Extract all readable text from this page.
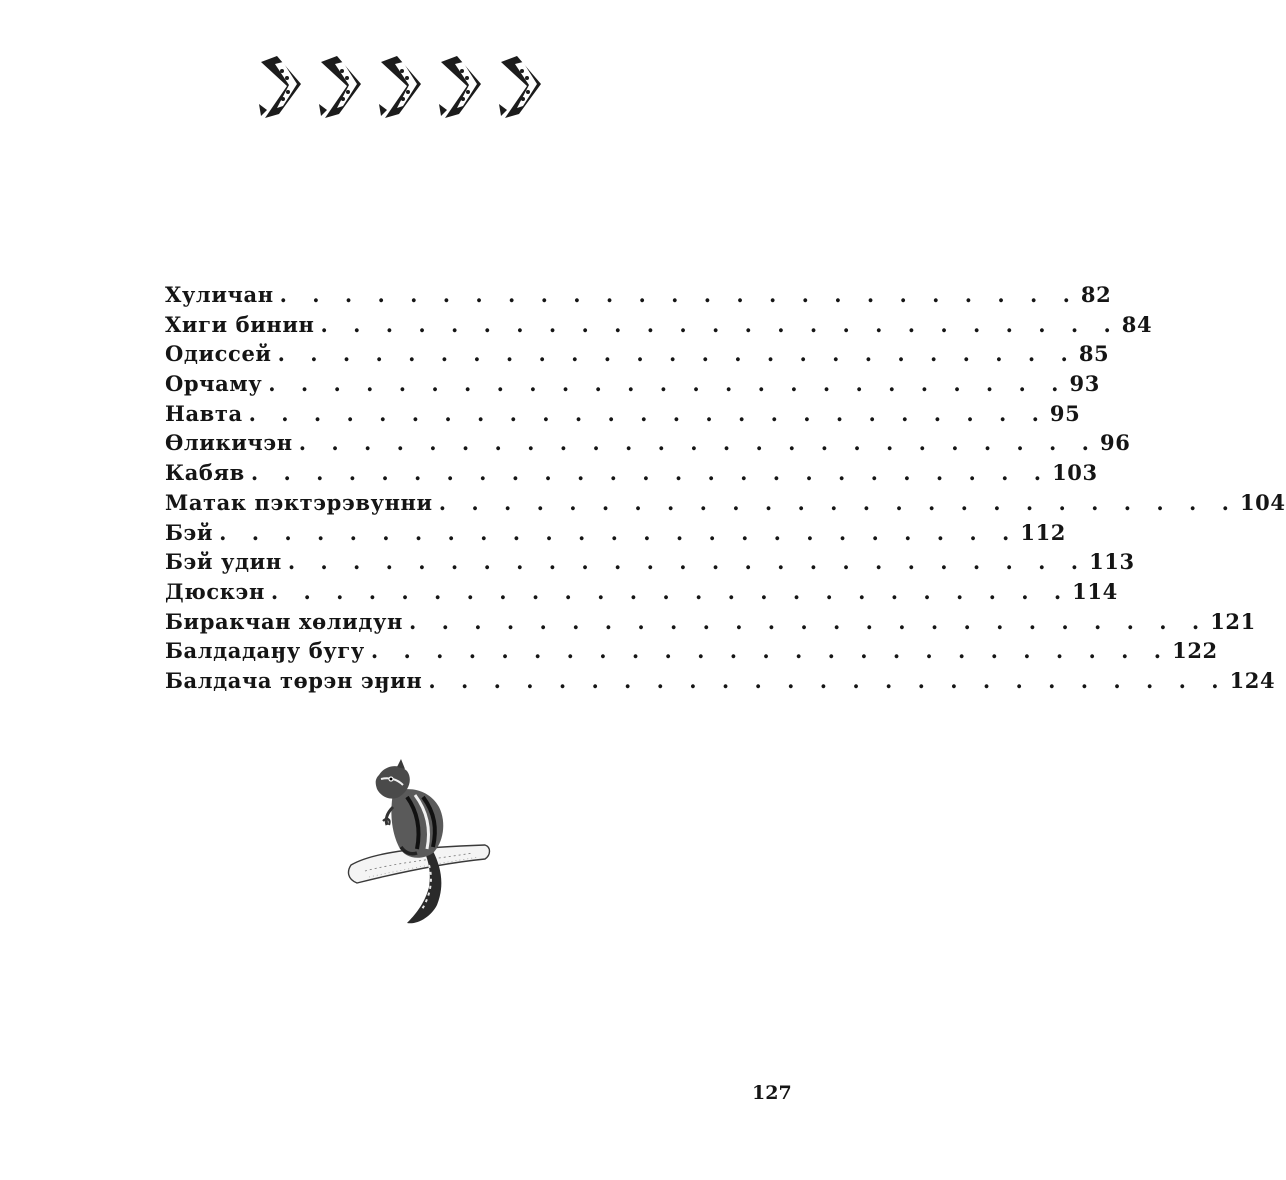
Хуличан . . . . . . . . . . . . . . . . . . . . . . . . . 82
Хиги бинин . . . . . . . . . . . . . . . . . . . . . . . . . 84
Одиссей . . . . . . . . . . . . . . . . . . . . . . . . . 85
Орчаму . . . . . . . . . . . . . . . . . . . . . . . . . 93
Навта . . . . . . . . . . . . . . . . . . . . . . . . . 95
Өликичэн . . . . . . . . . . . . . . . . . . . . . . . . . 96
Кабяв . . . . . . . . . . . . . . . . . . . . . . . . . 103
Матак пэктэрэвунни . . . . . . . . . . . . . . . . . . . . . . . . . 104
Бэй . . . . . . . . . . . . . . . . . . . . . . . . . 112
Бэй удин . . . . . . . . . . . . . . . . . . . . . . . . . 113
Дюскэн . . . . . . . . . . . . . . . . . . . . . . . . . 114
Биракчан хөлидун . . . . . . . . . . . . . . . . . . . . . . . . . 121
Балдадаӈу бугу . . . . . . . . . . . . . . . . . . . . . . . . . 122
Балдача төрэн эӈин . . . . . . . . . . . . . . . . . . . . . . . . . 124
127
